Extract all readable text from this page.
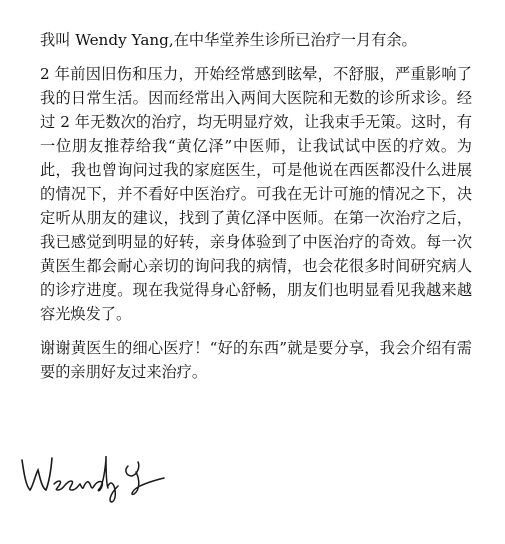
我叫 Wendy Yang,在中华堂养生诊所已治疗一月有余。

2 年前因旧伤和压力，开始经常感到眩晕，不舒服，严重影响了我的日常生活。因而经常出入两间大医院和无数的诊所求诊。经过 2 年无数次的治疗，均无明显疗效，让我束手无策。这时，有一位朋友推荐给我“黄亿泽”中医师，让我试试中医的疗效。为此，我也曾询问过我的家庭医生，可是他说在西医都没什么进展的情况下，并不看好中医治疗。可我在无计可施的情况之下，决定听从朋友的建议，找到了黄亿泽中医师。在第一次治疗之后，我已感觉到明显的好转，亲身体验到了中医治疗的奇效。每一次黄医生都会耐心亲切的询问我的病情，也会花很多时间研究病人的诊疗进度。现在我觉得身心舒畅，朋友们也明显看见我越来越容光焕发了。

谢谢黄医生的细心医疗！“好的东西”就是要分享，我会介绍有需要的亲朋好友过来治疗。
